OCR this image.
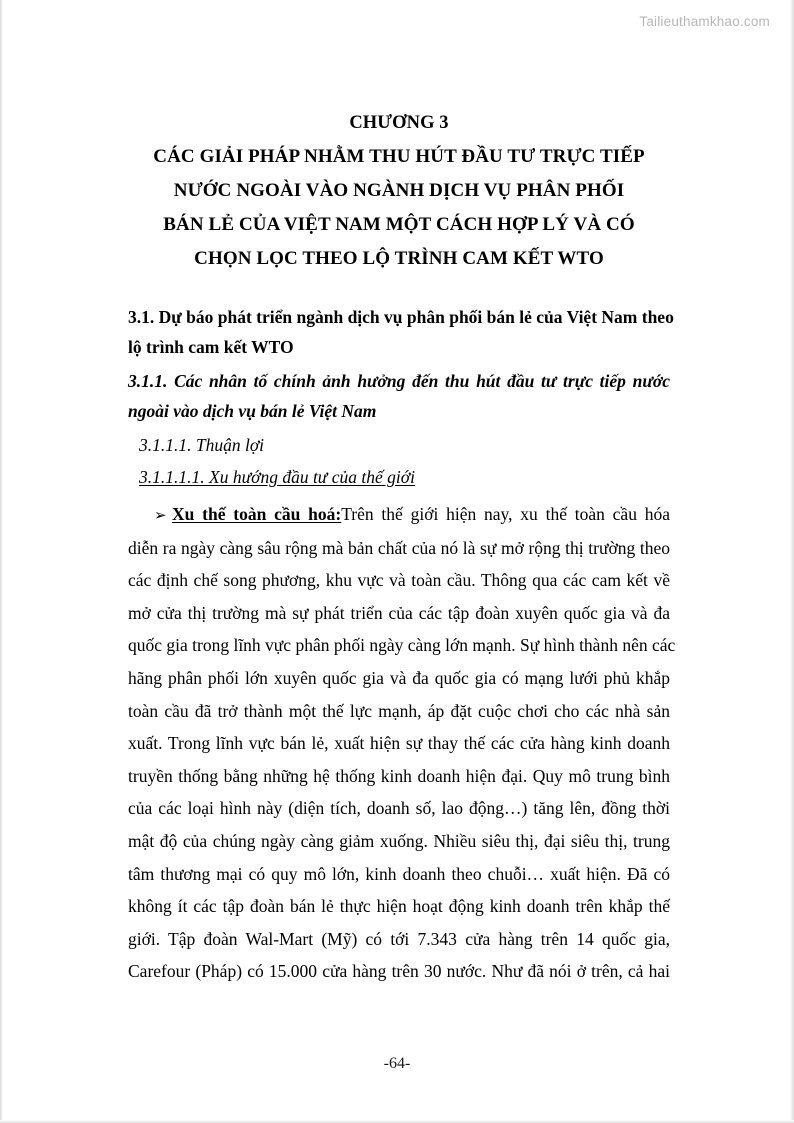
Tailieuthamkhao.com
CHƯƠNG 3
CÁC GIẢI PHÁP NHẰM THU HÚT ĐẦU TƯ TRỰC TIẾP
NƯỚC NGOÀI VÀO NGÀNH DỊCH VỤ PHÂN PHỐI
BÁN LẺ CỦA VIỆT NAM MỘT CÁCH HỢP LÝ VÀ CÓ
CHỌN LỌC THEO LỘ TRÌNH CAM KẾT WTO
3.1. Dự báo phát triển ngành dịch vụ phân phối bán lẻ của Việt Nam theo
lộ trình cam kết WTO
3.1.1. Các nhân tố chính ảnh hưởng đến thu hút đầu tư trực tiếp nước
ngoài vào dịch vụ bán lẻ Việt Nam
3.1.1.1. Thuận lợi
3.1.1.1.1. Xu hướng đầu tư của thế giới
➢ Xu thế toàn cầu hoá:Trên thế giới hiện nay, xu thế toàn cầu hóa
diễn ra ngày càng sâu rộng mà bản chất của nó là sự mở rộng thị trường theo
các định chế song phương, khu vực và toàn cầu. Thông qua các cam kết về
mở cửa thị trường mà sự phát triển của các tập đoàn xuyên quốc gia và đa
quốc gia trong lĩnh vực phân phối ngày càng lớn mạnh. Sự hình thành nên các
hãng phân phối lớn xuyên quốc gia và đa quốc gia có mạng lưới phủ khắp
toàn cầu đã trở thành một thế lực mạnh, áp đặt cuộc chơi cho các nhà sản
xuất. Trong lĩnh vực bán lẻ, xuất hiện sự thay thế các cửa hàng kinh doanh
truyền thống bằng những hệ thống kinh doanh hiện đại. Quy mô trung bình
của các loại hình này (diện tích, doanh số, lao động…) tăng lên, đồng thời
mật độ của chúng ngày càng giảm xuống. Nhiều siêu thị, đại siêu thị, trung
tâm thương mại có quy mô lớn, kinh doanh theo chuỗi… xuất hiện. Đã có
không ít các tập đoàn bán lẻ thực hiện hoạt động kinh doanh trên khắp thế
giới. Tập đoàn Wal-Mart (Mỹ) có tới 7.343 cửa hàng trên 14 quốc gia,
Carefour (Pháp) có 15.000 cửa hàng trên 30 nước. Như đã nói ở trên, cả hai
-64-
